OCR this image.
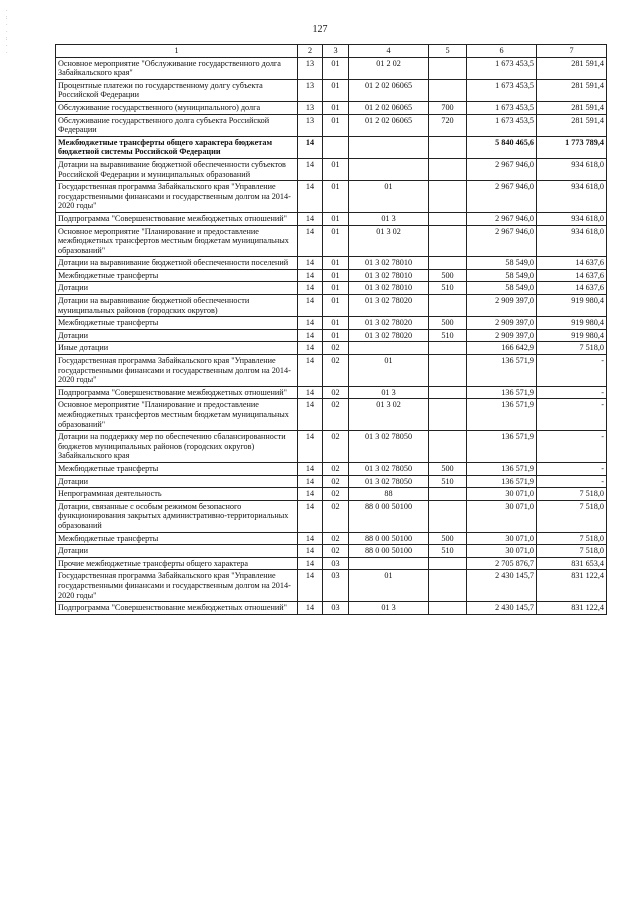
·
:
·
·
:
·
·
127
1	2	3	4	5	6	7
Основное мероприятие "Обслуживание государственного долга Забайкальского края"	13	01	01 2 02		1 673 453,5	281 591,4
Процентные платежи по государственному долгу субъекта Российской Федерации	13	01	01 2 02 06065		1 673 453,5	281 591,4
Обслуживание государственного (муниципального) долга	13	01	01 2 02 06065	700	1 673 453,5	281 591,4
Обслуживание государственного долга субъекта Российской Федерации	13	01	01 2 02 06065	720	1 673 453,5	281 591,4
Межбюджетные трансферты общего характера бюджетам бюджетной системы Российской Федерации	14				5 840 465,6	1 773 789,4
Дотации на выравнивание бюджетной обеспеченности субъектов Российской Федерации и муниципальных образований	14	01			2 967 946,0	934 618,0
Государственная программа Забайкальского края "Управление государственными финансами и государственным долгом на 2014-2020 годы"	14	01	01		2 967 946,0	934 618,0
Подпрограмма "Совершенствование межбюджетных отношений"	14	01	01 3		2 967 946,0	934 618,0
Основное мероприятие "Планирование и предоставление межбюджетных трансфертов местным бюджетам муниципальных образований"	14	01	01 3 02		2 967 946,0	934 618,0
Дотации на выравнивание бюджетной обеспеченности поселений	14	01	01 3 02 78010		58 549,0	14 637,6
Межбюджетные трансферты	14	01	01 3 02 78010	500	58 549,0	14 637,6
Дотации	14	01	01 3 02 78010	510	58 549,0	14 637,6
Дотации на выравнивание бюджетной обеспеченности муниципальных районов (городских округов)	14	01	01 3 02 78020		2 909 397,0	919 980,4
Межбюджетные трансферты	14	01	01 3 02 78020	500	2 909 397,0	919 980,4
Дотации	14	01	01 3 02 78020	510	2 909 397,0	919 980,4
Иные дотации	14	02			166 642,9	7 518,0
Государственная программа Забайкальского края "Управление государственными финансами и государственным долгом на 2014-2020 годы"	14	02	01		136 571,9	-
Подпрограмма "Совершенствование межбюджетных отношений"	14	02	01 3		136 571,9	-
Основное мероприятие "Планирование и предоставление межбюджетных трансфертов местным бюджетам муниципальных образований"	14	02	01 3 02		136 571,9	-
Дотации на поддержку мер по обеспечению сбалансированности бюджетов муниципальных районов (городских округов) Забайкальского края	14	02	01 3 02 78050		136 571,9	-
Межбюджетные трансферты	14	02	01 3 02 78050	500	136 571,9	-
Дотации	14	02	01 3 02 78050	510	136 571,9	-
Непрограммная деятельность	14	02	88		30 071,0	7 518,0
Дотации, связанные с особым режимом безопасного функционирования закрытых административно-территориальных образований	14	02	88 0 00 50100		30 071,0	7 518,0
Межбюджетные трансферты	14	02	88 0 00 50100	500	30 071,0	7 518,0
Дотации	14	02	88 0 00 50100	510	30 071,0	7 518,0
Прочие межбюджетные трансферты общего характера	14	03			2 705 876,7	831 653,4
Государственная программа Забайкальского края "Управление государственными финансами и государственным долгом на 2014-2020 годы"	14	03	01		2 430 145,7	831 122,4
Подпрограмма "Совершенствование межбюджетных отношений"	14	03	01 3		2 430 145,7	831 122,4
